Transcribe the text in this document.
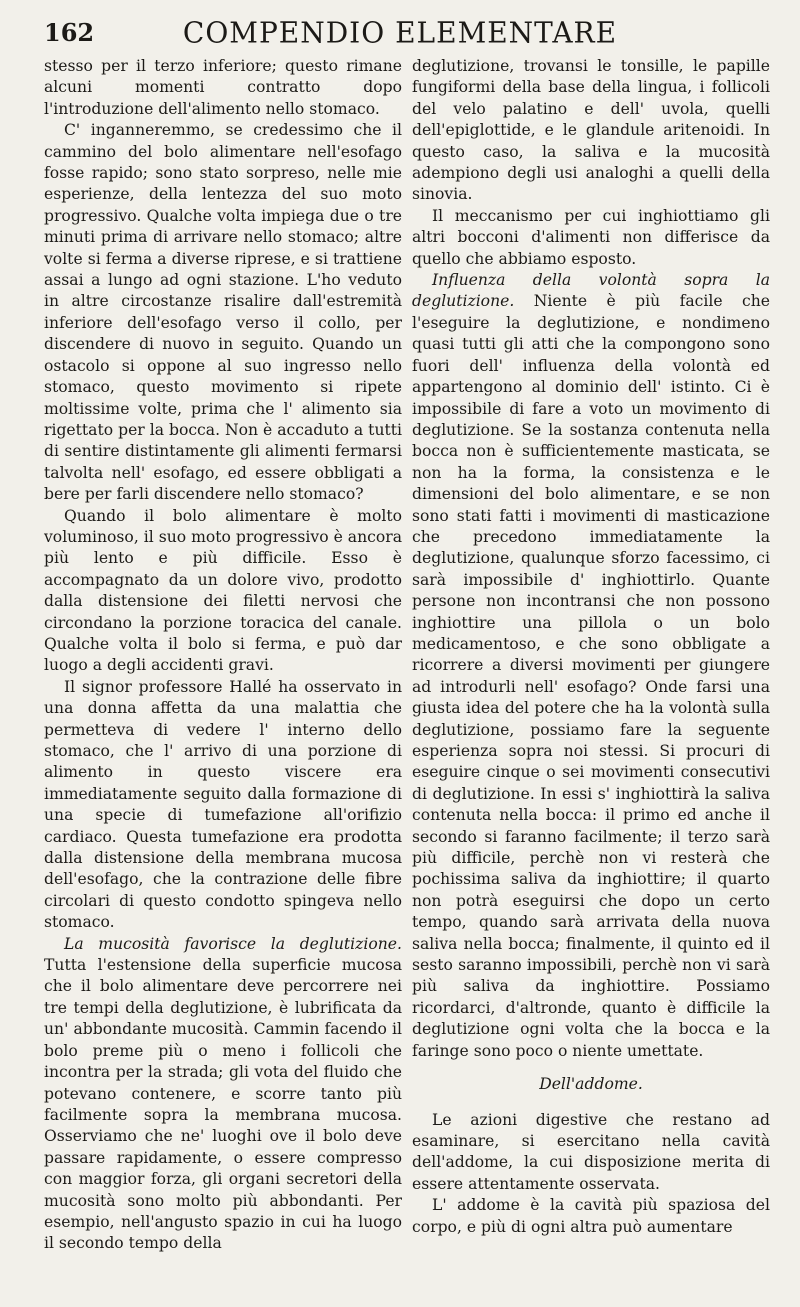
162	COMPENDIO ELEMENTARE

stesso per il terzo inferiore; questo rimane alcuni momenti contratto dopo l'introduzione dell'alimento nello stomaco.

C' inganneremmo, se credessimo che il cammino del bolo alimentare nell'esofago fosse rapido; sono stato sorpreso, nelle mie esperienze, della lentezza del suo moto progressivo. Qualche volta impiega due o tre minuti prima di arrivare nello stomaco; altre volte si ferma a diverse riprese, e si trattiene assai a lungo ad ogni stazione. L'ho veduto in altre circostanze risalire dall'estremità inferiore dell'esofago verso il collo, per discendere di nuovo in seguito. Quando un ostacolo si oppone al suo ingresso nello stomaco, questo movimento si ripete moltissime volte, prima che l' alimento sia rigettato per la bocca. Non è accaduto a tutti di sentire distintamente gli alimenti fermarsi talvolta nell' esofago, ed essere obbligati a bere per farli discendere nello stomaco?

Quando il bolo alimentare è molto voluminoso, il suo moto progressivo è ancora più lento e più difficile. Esso è accompagnato da un dolore vivo, prodotto dalla distensione dei filetti nervosi che circondano la porzione toracica del canale. Qualche volta il bolo si ferma, e può dar luogo a degli accidenti gravi.

Il signor professore Hallé ha osservato in una donna affetta da una malattia che permetteva di vedere l' interno dello stomaco, che l' arrivo di una porzione di alimento in questo viscere era immediatamente seguito dalla formazione di una specie di tumefazione all'orifizio cardiaco. Questa tumefazione era prodotta dalla distensione della membrana mucosa dell'esofago, che la contrazione delle fibre circolari di questo condotto spingeva nello stomaco.

La mucosità favorisce la deglutizione. Tutta l'estensione della superficie mucosa che il bolo alimentare deve percorrere nei tre tempi della deglutizione, è lubrificata da un' abbondante mucosità. Cammin facendo il bolo preme più o meno i follicoli che incontra per la strada; gli vota del fluido che potevano contenere, e scorre tanto più facilmente sopra la membrana mucosa. Osserviamo che ne' luoghi ove il bolo deve passare rapidamente, o essere compresso con maggior forza, gli organi secretori della mucosità sono molto più abbondanti. Per esempio, nell'angusto spazio in cui ha luogo il secondo tempo della

deglutizione, trovansi le tonsille, le papille fungiformi della base della lingua, i follicoli del velo palatino e dell' uvola, quelli dell'epiglottide, e le glandule aritenoidi. In questo caso, la saliva e la mucosità adempiono degli usi analoghi a quelli della sinovia.

Il meccanismo per cui inghiottiamo gli altri bocconi d'alimenti non differisce da quello che abbiamo esposto.

Influenza della volontà sopra la deglutizione. Niente è più facile che l'eseguire la deglutizione, e nondimeno quasi tutti gli atti che la compongono sono fuori dell' influenza della volontà ed appartengono al dominio dell' istinto. Ci è impossibile di fare a voto un movimento di deglutizione. Se la sostanza contenuta nella bocca non è sufficientemente masticata, se non ha la forma, la consistenza e le dimensioni del bolo alimentare, e se non sono stati fatti i movimenti di masticazione che precedono immediatamente la deglutizione, qualunque sforzo facessimo, ci sarà impossibile d' inghiottirlo. Quante persone non incontransi che non possono inghiottire una pillola o un bolo medicamentoso, e che sono obbligate a ricorrere a diversi movimenti per giungere ad introdurli nell' esofago? Onde farsi una giusta idea del potere che ha la volontà sulla deglutizione, possiamo fare la seguente esperienza sopra noi stessi. Si procuri di eseguire cinque o sei movimenti consecutivi di deglutizione. In essi s' inghiottirà la saliva contenuta nella bocca: il primo ed anche il secondo si faranno facilmente; il terzo sarà più difficile, perchè non vi resterà che pochissima saliva da inghiottire; il quarto non potrà eseguirsi che dopo un certo tempo, quando sarà arrivata della nuova saliva nella bocca; finalmente, il quinto ed il sesto saranno impossibili, perchè non vi sarà più saliva da inghiottire. Possiamo ricordarci, d'altronde, quanto è difficile la deglutizione ogni volta che la bocca e la faringe sono poco o niente umettate.

Dell'addome.

Le azioni digestive che restano ad esaminare, si esercitano nella cavità dell'addome, la cui disposizione merita di essere attentamente osservata.

L' addome è la cavità più spaziosa del corpo, e più di ogni altra può aumentare
